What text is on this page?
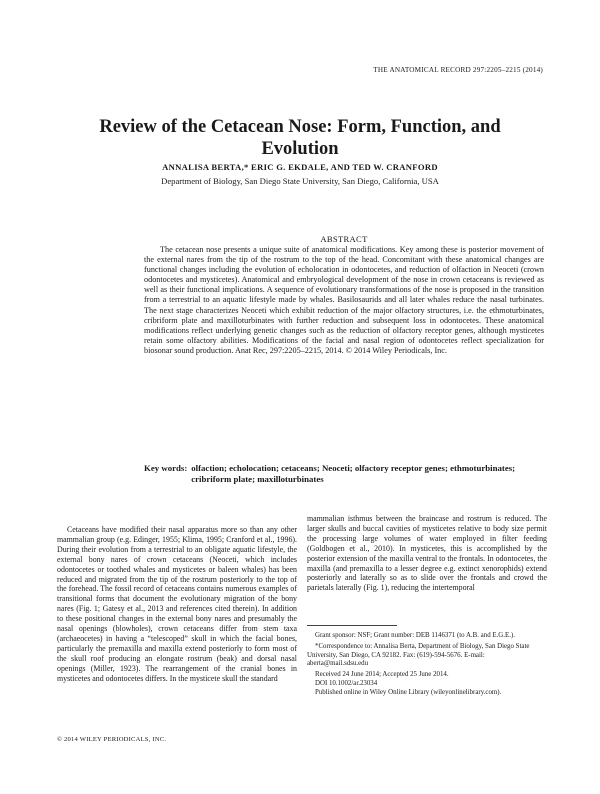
THE ANATOMICAL RECORD 297:2205–2215 (2014)
Review of the Cetacean Nose: Form, Function, and Evolution
ANNALISA BERTA,* ERIC G. EKDALE, AND TED W. CRANFORD
Department of Biology, San Diego State University, San Diego, California, USA
ABSTRACT

The cetacean nose presents a unique suite of anatomical modifications. Key among these is posterior movement of the external nares from the tip of the rostrum to the top of the head. Concomitant with these anatomical changes are functional changes including the evolution of echolocation in odontocetes, and reduction of olfaction in Neoceti (crown odontocetes and mysticetes). Anatomical and embryological development of the nose in crown cetaceans is reviewed as well as their functional implications. A sequence of evolutionary transformations of the nose is proposed in the transition from a terrestrial to an aquatic lifestyle made by whales. Basilosaurids and all later whales reduce the nasal turbinates. The next stage characterizes Neoceti which exhibit reduction of the major olfactory structures, i.e. the ethmoturbinates, cribriform plate and maxilloturbinates with further reduction and subsequent loss in odontocetes. These anatomical modifications reflect underlying genetic changes such as the reduction of olfactory receptor genes, although mysticetes retain some olfactory abilities. Modifications of the facial and nasal region of odontocetes reflect specialization for biosonar sound production. Anat Rec, 297:2205–2215, 2014. © 2014 Wiley Periodicals, Inc.

Key words: olfaction; echolocation; cetaceans; Neoceti; olfactory receptor genes; ethmoturbinates; cribriform plate; maxilloturbinates

Cetaceans have modified their nasal apparatus more so than any other mammalian group (e.g. Edinger, 1955; Klima, 1995; Cranford et al., 1996). During their evolution from a terrestrial to an obligate aquatic lifestyle, the external bony nares of crown cetaceans (Neoceti, which includes odontocetes or toothed whales and mysticetes or baleen whales) has been reduced and migrated from the tip of the rostrum posteriorly to the top of the forehead. The fossil record of cetaceans contains numerous examples of transitional forms that document the evolutionary migration of the bony nares (Fig. 1; Gatesy et al., 2013 and references cited therein). In addition to these positional changes in the external bony nares and presumably the nasal openings (blowholes), crown cetaceans differ from stem taxa (archaeocetes) in having a “telescoped” skull in which the facial bones, particularly the premaxilla and maxilla extend posteriorly to form most of the skull roof producing an elongate rostrum (beak) and dorsal nasal openings (Miller, 1923). The rearrangement of the cranial bones in mysticetes and odontocetes differs. In the mysticete skull the standard

mammalian isthmus between the braincase and rostrum is reduced. The larger skulls and buccal cavities of mysticetes relative to body size permit the processing large volumes of water employed in filter feeding (Goldbogen et al., 2010). In mysticetes, this is accomplished by the posterior extension of the maxilla ventral to the frontals. In odontocetes, the maxilla (and premaxilla to a lesser degree e.g. extinct xenorophids) extend posteriorly and laterally so as to slide over the frontals and crowd the parietals laterally (Fig. 1), reducing the intertemporal

Grant sponsor: NSF; Grant number: DEB 1146371 (to A.B. and E.G.E.).

*Correspondence to: Annalisa Berta, Department of Biology, San Diego State University, San Diego, CA 92182. Fax: (619)-594-5676. E-mail: aberta@mail.sdsu.edu

Received 24 June 2014; Accepted 25 June 2014.

DOI 10.1002/ar.23034

Published online in Wiley Online Library (wileyonlinelibrary.com).

© 2014 WILEY PERIODICALS, INC.
